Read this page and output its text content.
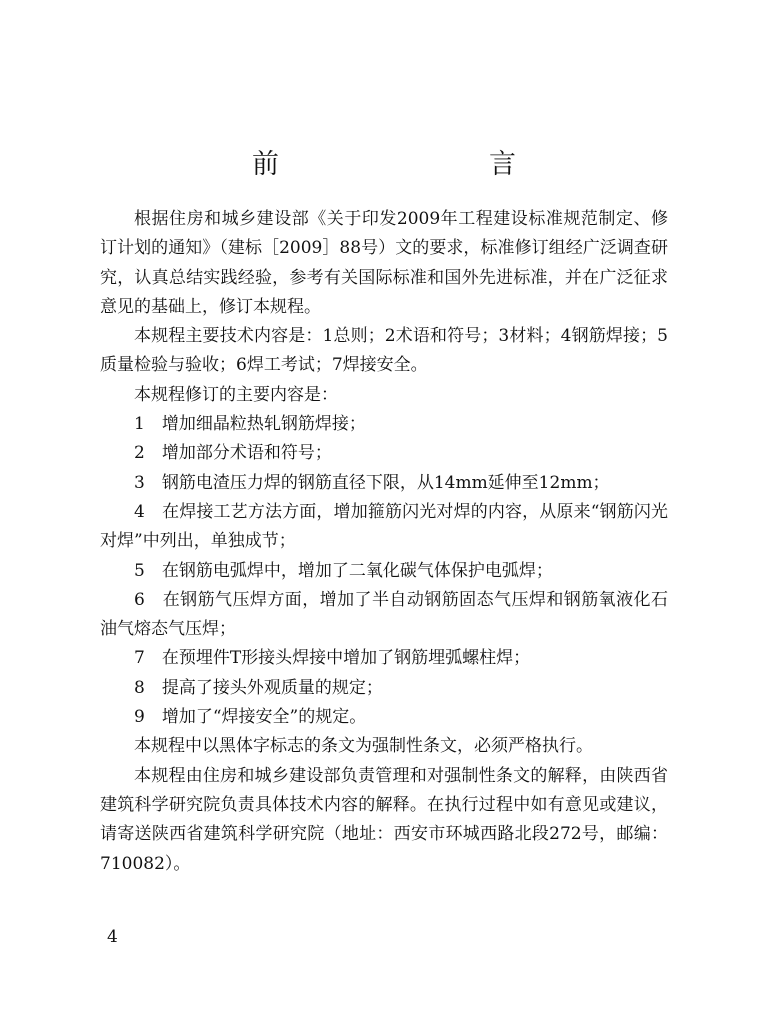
前　　言

根据住房和城乡建设部《关于印发2009年工程建设标准规范制定、修订计划的通知》（建标［2009］88号）文的要求，标准修订组经广泛调查研究，认真总结实践经验，参考有关国际标准和国外先进标准，并在广泛征求意见的基础上，修订本规程。

本规程主要技术内容是：1总则；2术语和符号；3材料；4钢筋焊接；5质量检验与验收；6焊工考试；7焊接安全。

本规程修订的主要内容是：

1　增加细晶粒热轧钢筋焊接；

2　增加部分术语和符号；

3　钢筋电渣压力焊的钢筋直径下限，从14mm延伸至12mm；

4　在焊接工艺方法方面，增加箍筋闪光对焊的内容，从原来“钢筋闪光对焊”中列出，单独成节；

5　在钢筋电弧焊中，增加了二氧化碳气体保护电弧焊；

6　在钢筋气压焊方面，增加了半自动钢筋固态气压焊和钢筋氧液化石油气熔态气压焊；

7　在预埋件T形接头焊接中增加了钢筋埋弧螺柱焊；

8　提高了接头外观质量的规定；

9　增加了“焊接安全”的规定。

本规程中以黑体字标志的条文为强制性条文，必须严格执行。

本规程由住房和城乡建设部负责管理和对强制性条文的解释，由陕西省建筑科学研究院负责具体技术内容的解释。在执行过程中如有意见或建议，请寄送陕西省建筑科学研究院（地址：西安市环城西路北段272号，邮编：710082）。

4
